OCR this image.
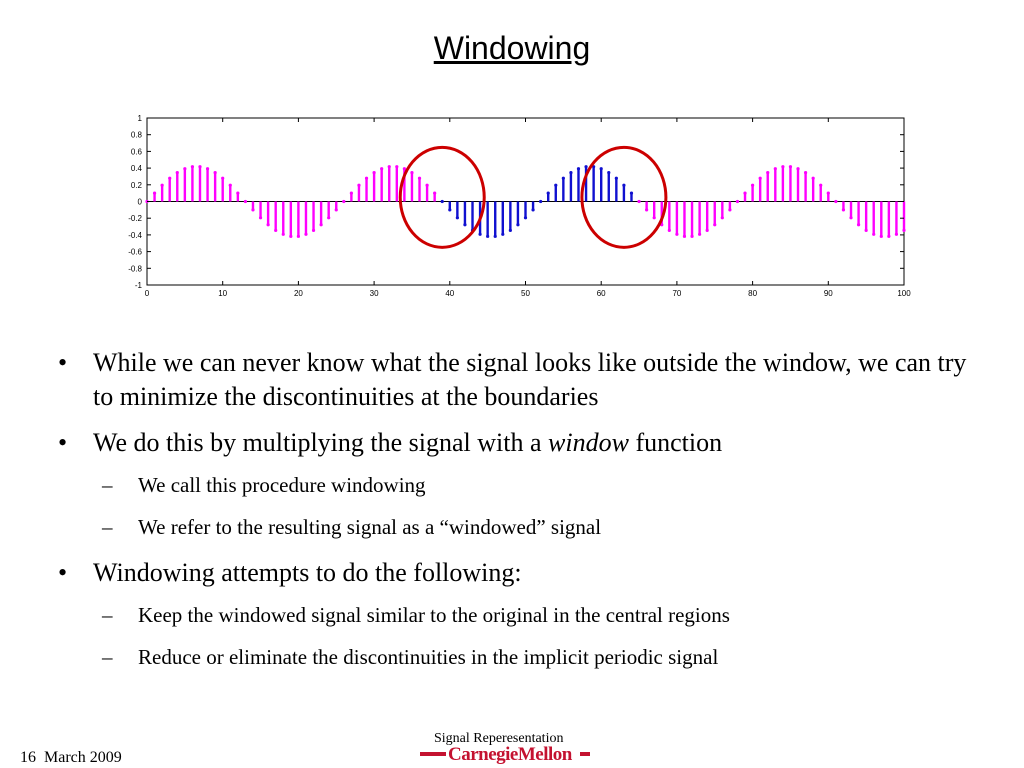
Windowing
1
0.8
0.6
0.4
0.2
0
-0.2
-0.4
-0.6
-0.8
-1
0	10	20	30	40	50	60	70	80	90	100
• While we can never know what the signal looks like outside the window, we can try to minimize the discontinuities at the boundaries
• We do this by multiplying the signal with a window function
– We call this procedure windowing
– We refer to the resulting signal as a “windowed” signal
• Windowing attempts to do the following:
– Keep the windowed signal similar to the original in the central regions
– Reduce or eliminate the discontinuities in the implicit periodic signal
16  March 2009
Signal Reperesentation
CarnegieMellon
